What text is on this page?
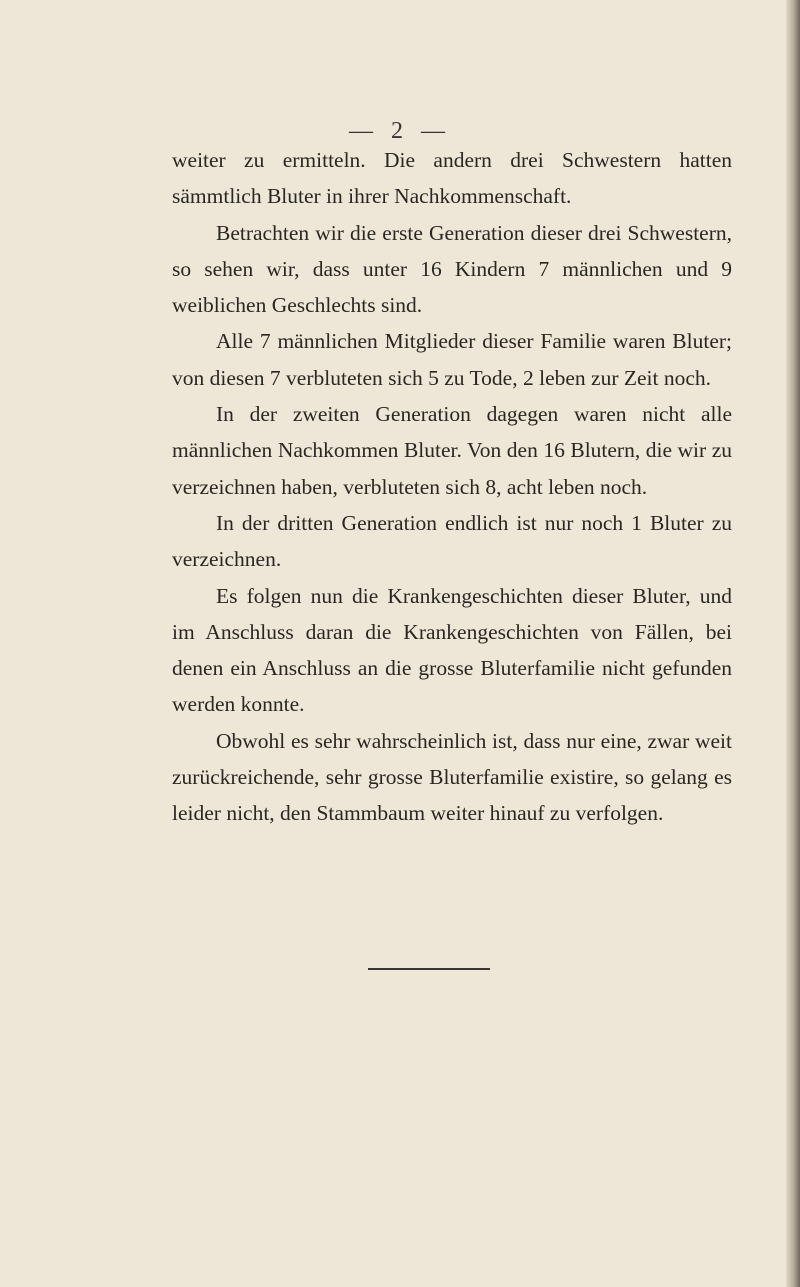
— 2 —

weiter zu ermitteln. Die andern drei Schwestern hatten sämmtlich Bluter in ihrer Nachkommenschaft.

Betrachten wir die erste Generation dieser drei Schwestern, so sehen wir, dass unter 16 Kindern 7 männlichen und 9 weiblichen Geschlechts sind.

Alle 7 männlichen Mitglieder dieser Familie waren Bluter; von diesen 7 verbluteten sich 5 zu Tode, 2 leben zur Zeit noch.

In der zweiten Generation dagegen waren nicht alle männlichen Nachkommen Bluter. Von den 16 Blutern, die wir zu verzeichnen haben, verbluteten sich 8, acht leben noch.

In der dritten Generation endlich ist nur noch 1 Bluter zu verzeichnen.

Es folgen nun die Krankengeschichten dieser Bluter, und im Anschluss daran die Krankengeschichten von Fällen, bei denen ein Anschluss an die grosse Bluterfamilie nicht gefunden werden konnte.

Obwohl es sehr wahrscheinlich ist, dass nur eine, zwar weit zurückreichende, sehr grosse Bluterfamilie existire, so gelang es leider nicht, den Stammbaum weiter hinauf zu verfolgen.
